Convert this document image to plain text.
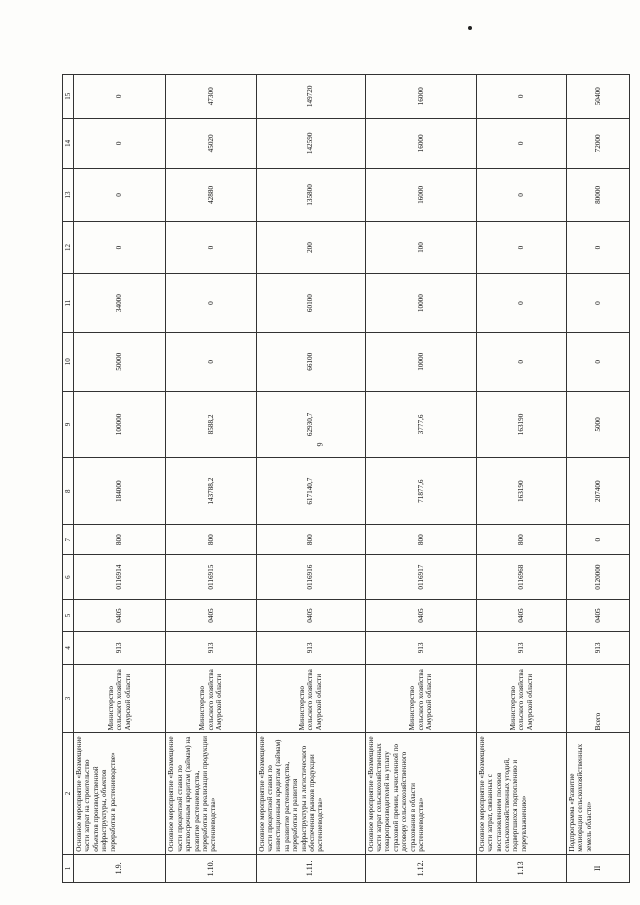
9
1	2	3	4	5	6	7	8	9	10	11	12	13	14	15
1.9.	Основное мероприятие «Возмещение части затрат на строительство объектов производственной инфраструктуры, объектов переработки в растениеводстве»	Министерство сельского хозяйства Амурской области	913	0405	0116914	800	184000	100000	50000	34000	0	0	0	0
1.10.	Основное мероприятие «Возмещение части процентной ставки по краткосрочным кредитам (займам) на развитие растениеводства, переработки и реализации продукции растениеводства»	Министерство сельского хозяйства Амурской области	913	0405	0116915	800	143788,2	8588,2	0	0	0	42880	45020	47300
1.11.	Основное мероприятие «Возмещение части процентной ставки по инвестиционным кредитам (займам) на развитие растениеводства, переработки и развития инфраструктуры и логистического обеспечения рынков продукции растениеводства»	Министерство сельского хозяйства Амурской области	913	0405	0116916	800	617140,7	62930,7	66100	60100	200	135800	142590	149720
1.12.	Основное мероприятие «Возмещение части затрат сельскохозяйственных товаропроизводителей на уплату страховой премии, начисленной по договору сельскохозяйственного страхования в области растениеводства»	Министерство сельского хозяйства Амурской области	913	0405	0116917	800	71877,6	3777,6	10000	10000	100	16000	16000	16000
1.13	Основное мероприятие «Возмещение части затрат, связанных с восстановлением посевов сельскохозяйственных угодий, подвергшихся подтоплению и переувлажнению»	Министерство сельского хозяйства Амурской области	913	0405	0116968	800	163190	163190	0	0	0	0	0	0
II	Подпрограмма «Развитие мелиорации сельскохозяйственных земель области»	Всего	913	0405	0120000	0	207400	5000	0	0	0	80000	72000	50400
